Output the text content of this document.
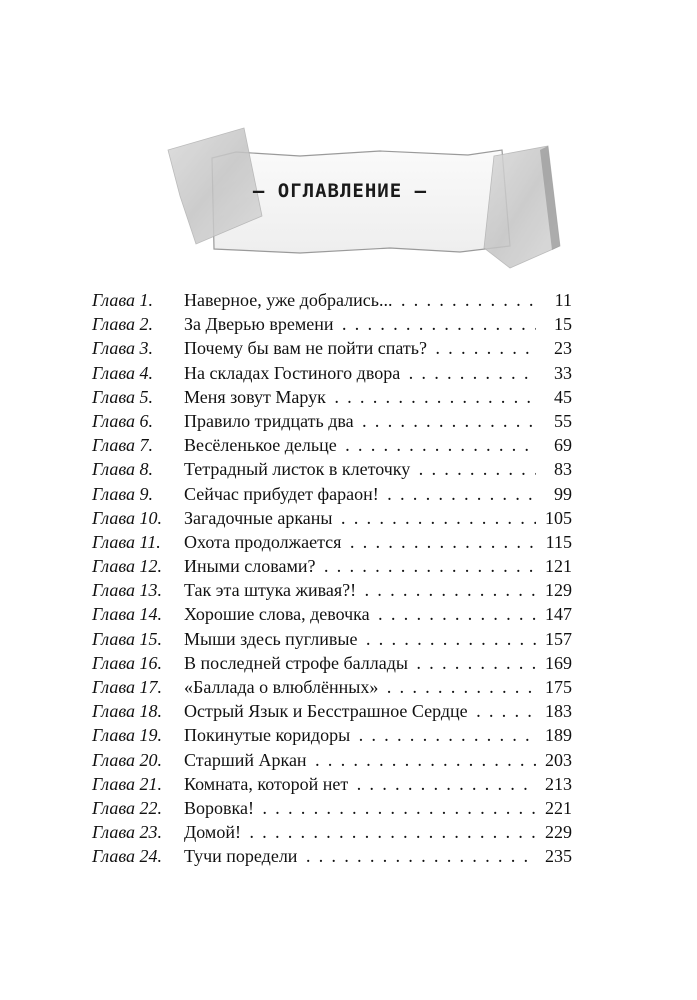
– ОГЛАВЛЕНИЕ –
Глава 1.	Наверное, уже добрались... . . .	11
Глава 2.	За Дверью времени . . .	15
Глава 3.	Почему бы вам не пойти спать? . . .	23
Глава 4.	На складах Гостиного двора . . .	33
Глава 5.	Меня зовут Марук . . .	45
Глава 6.	Правило тридцать два . . .	55
Глава 7.	Весёленькое дельце . . .	69
Глава 8.	Тетрадный листок в клеточку . . .	83
Глава 9.	Сейчас прибудет фараон! . . .	99
Глава 10.	Загадочные арканы . . .	105
Глава 11.	Охота продолжается . . .	115
Глава 12.	Иными словами? . . .	121
Глава 13.	Так эта штука живая?! . . .	129
Глава 14.	Хорошие слова, девочка . . .	147
Глава 15.	Мыши здесь пугливые . . .	157
Глава 16.	В последней строфе баллады . . .	169
Глава 17.	«Баллада о влюблённых» . . .	175
Глава 18.	Острый Язык и Бесстрашное Сердце . . .	183
Глава 19.	Покинутые коридоры . . .	189
Глава 20.	Старший Аркан . . .	203
Глава 21.	Комната, которой нет . . .	213
Глава 22.	Воровка! . . .	221
Глава 23.	Домой! . . .	229
Глава 24.	Тучи поредели . . .	235
